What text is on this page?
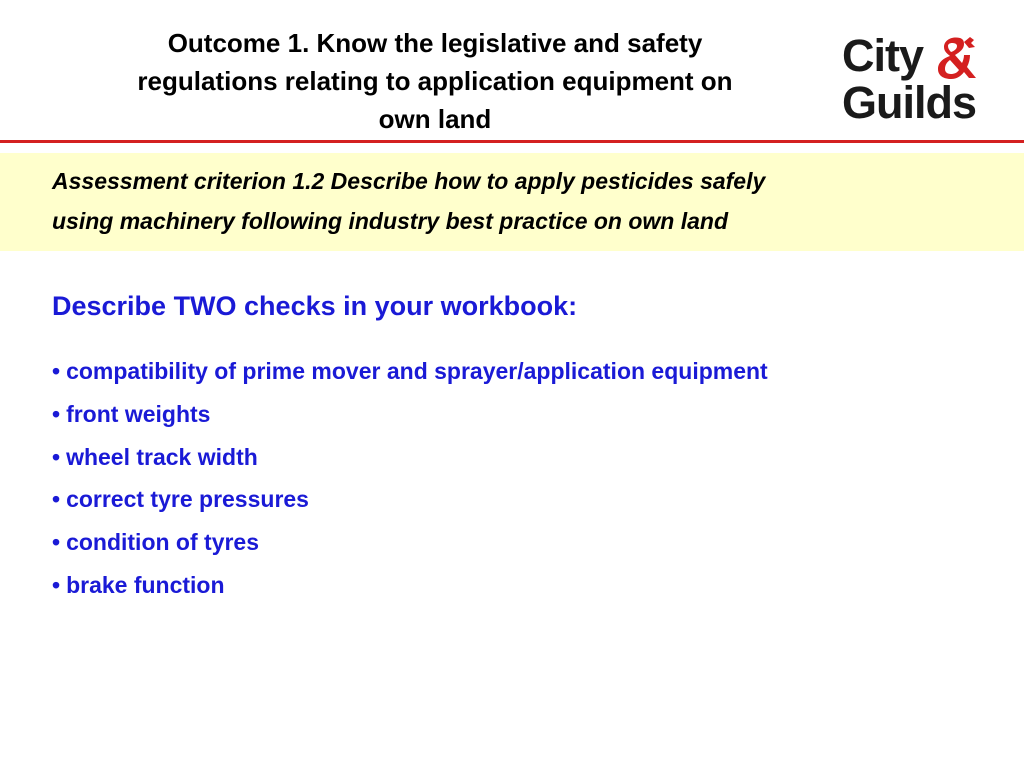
Outcome 1. Know the legislative and safety
regulations relating to application equipment on
own land
City
Guilds
Assessment criterion 1.2 Describe how to apply pesticides safely
using machinery following industry best practice on own land
Describe TWO checks in your workbook:
• compatibility of prime mover and sprayer/application equipment
• front weights
• wheel track width
• correct tyre pressures
• condition of tyres
• brake function
